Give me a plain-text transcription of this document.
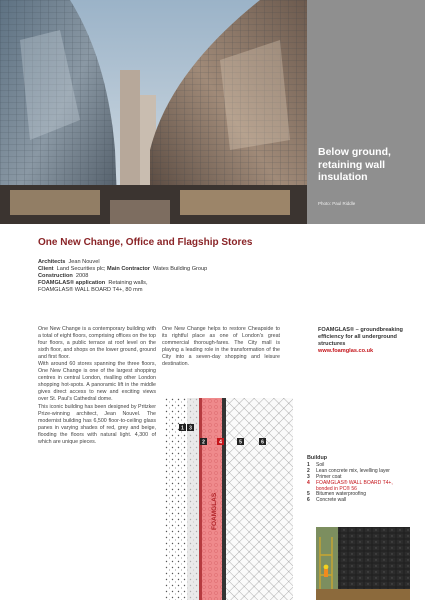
Below ground, retaining wall insulation
Photo: Paul Riddle
One New Change, Office and Flagship Stores
Architects Jean Nouvel
Client Land Securities plc; Main Contractor Wates Building Group
Construction 2008
FOAMGLAS® application Retaining walls,
FOAMGLAS® WALL BOARD T4+, 80 mm
One New Change is a contemporary building with a total of eight floors, comprising offices on the top four floors, a public terrace at roof level on the sixth floor, and shops on the lower ground, ground and first floor.
With around 60 stores spanning the three floors, One New Change is one of the largest shopping centres in central London, rivalling other London shopping hot-spots. A panoramic lift in the middle gives direct access to new and exciting views over St. Paul's Cathedral dome.
This iconic building has been designed by Pritzker Prize-winning architect, Jean Nouvel. The modernist building has 6,500 floor-to-ceiling glass panes in varying shades of red, grey and beige, flooding the floors with natural light. 4,300 of which are unique pieces.
One New Change helps to restore Cheapside to its rightful place as one of London's great commercial thorough-fares. The City mall is playing a leading role in the transformation of the City into a seven-day shopping and leisure destination.
FOAMGLAS® – groundbreaking efficiency for all underground structures
www.foamglas.co.uk
FOAMGLAS
1 3
2	4	5	6
Buildup
1	Soil
2	Lean concrete mix, levelling layer
3	Primer coat
4	FOAMGLAS® WALL BOARD T4+, bonded in PC® 56
5	Bitumen waterproofing
6	Concrete wall
